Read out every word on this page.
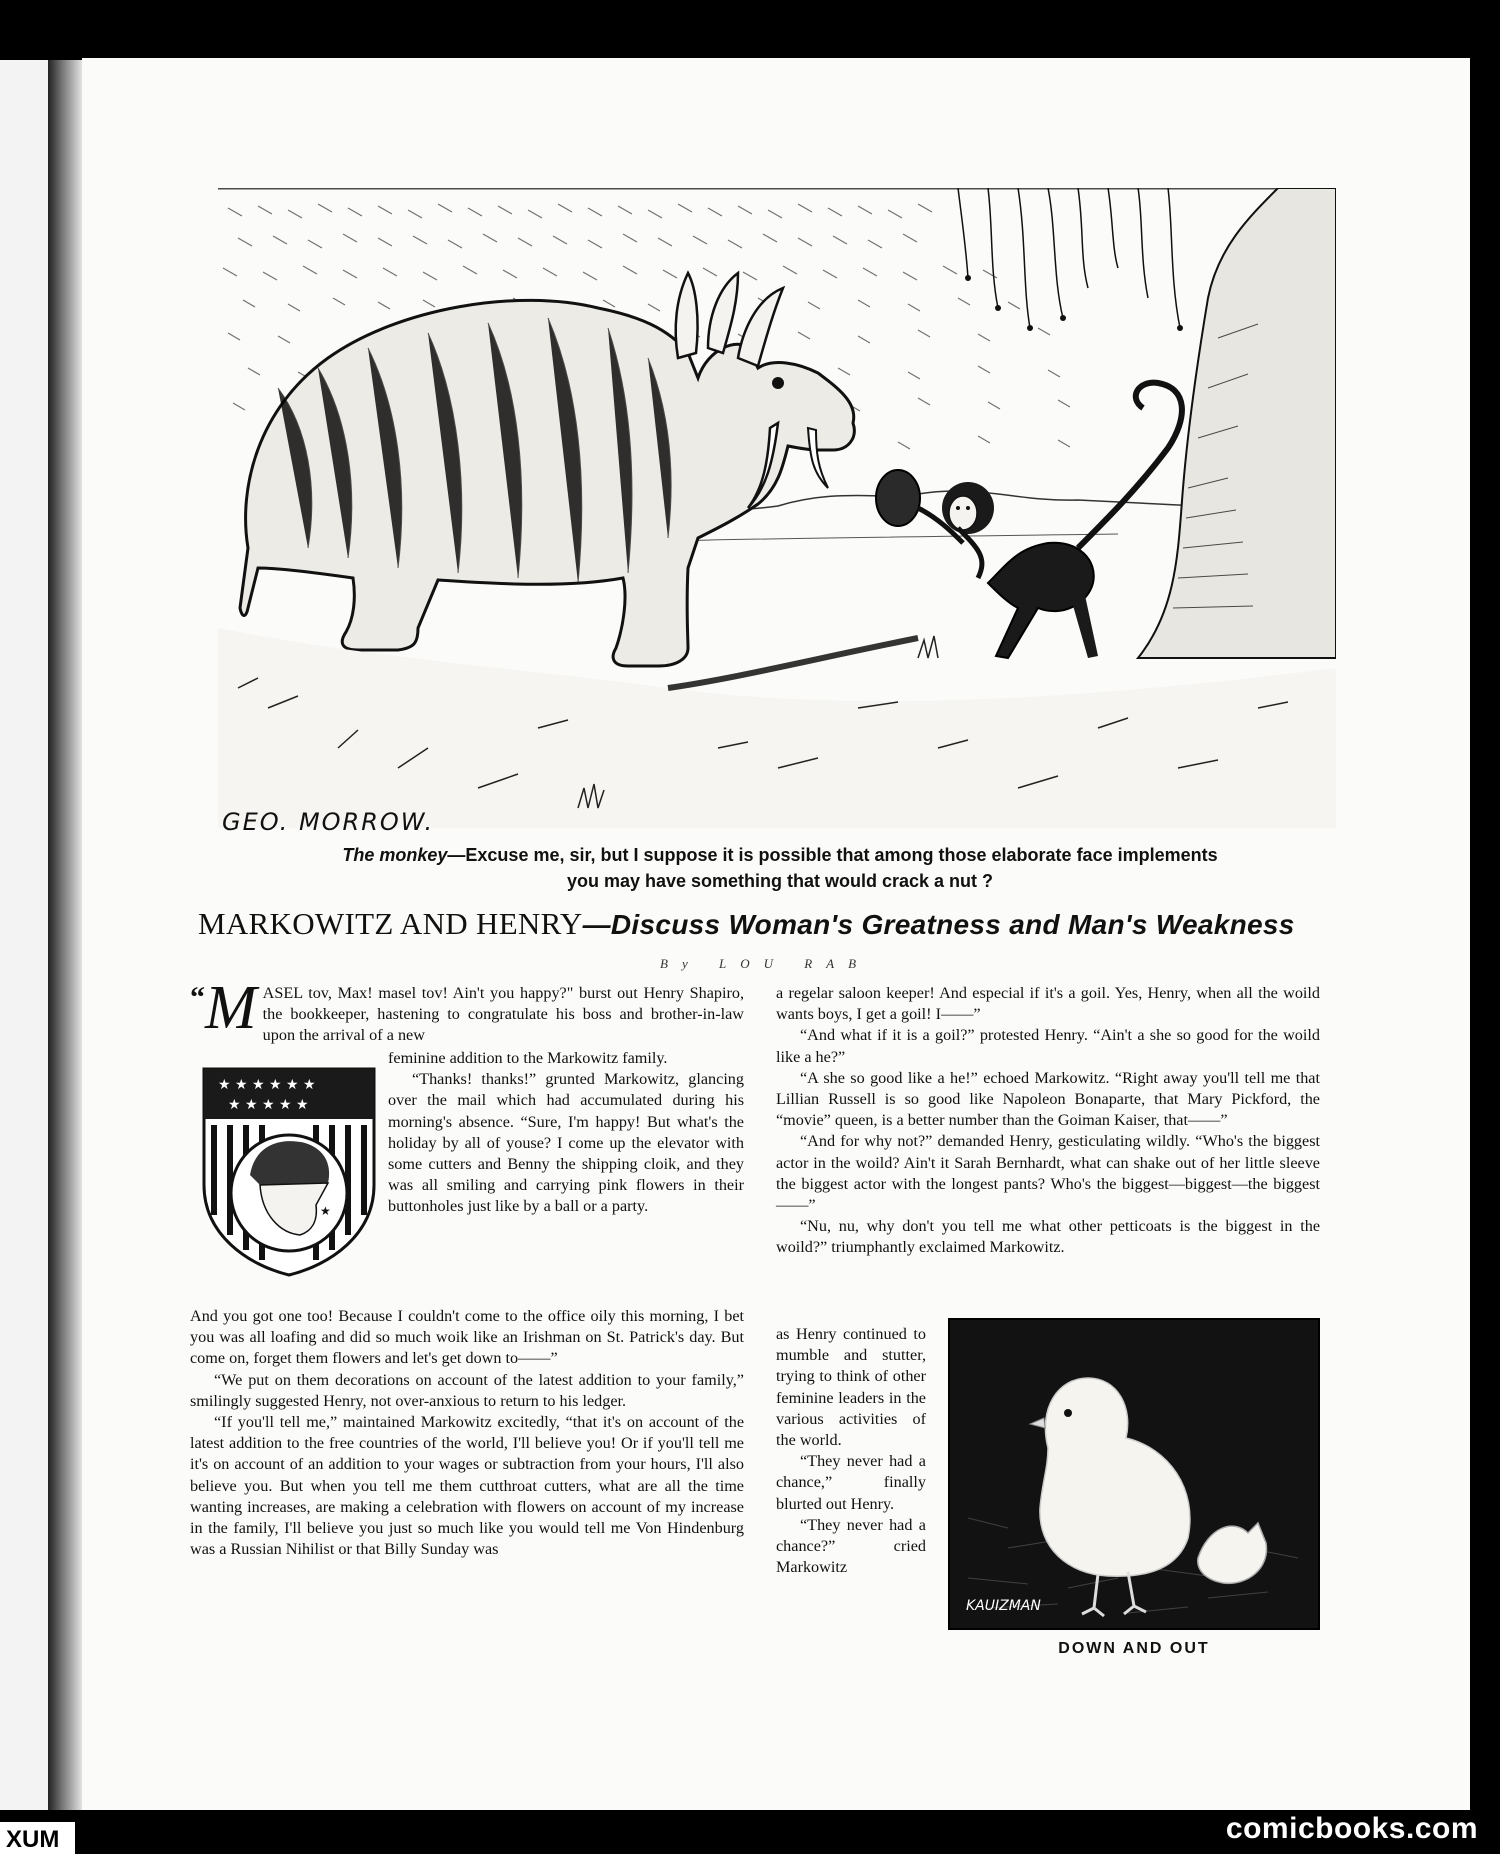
GEO. MORROW.
The monkey—Excuse me, sir, but I suppose it is possible that among those elaborate face implements
you may have something that would crack a nut ?
MARKOWITZ AND HENRY—Discuss Woman's Greatness and Man's Weakness
By LOU RAB

“ M ASEL tov, Max! masel tov! Ain't you happy?" burst out Henry Shapiro, the bookkeeper, hastening to congratulate his boss and brother-in-law upon the arrival of a new

★ ★ ★ ★ ★ ★
★ ★ ★ ★ ★
★

feminine addition to the Markowitz family.

“Thanks! thanks!” grunted Markowitz, glancing over the mail which had accumulated during his morning's absence. “Sure, I'm happy! But what's the holiday by all of youse? I come up the elevator with some cutters and Benny the shipping cloik, and they was all smiling and carrying pink flowers in their buttonholes just like by a ball or a party.

And you got one too! Because I couldn't come to the office oily this morning, I bet you was all loafing and did so much woik like an Irishman on St. Patrick's day. But come on, forget them flowers and let's get down to——”

“We put on them decorations on account of the latest addition to your family,” smilingly suggested Henry, not over-anxious to return to his ledger.

“If you'll tell me,” maintained Markowitz excitedly, “that it's on account of the latest addition to the free countries of the world, I'll believe you! Or if you'll tell me it's on account of an addition to your wages or subtraction from your hours, I'll also believe you. But when you tell me them cutthroat cutters, what are all the time wanting increases, are making a celebration with flowers on account of my increase in the family, I'll believe you just so much like you would tell me Von Hindenburg was a Russian Nihilist or that Billy Sunday was

a regelar saloon keeper! And especial if it's a goil. Yes, Henry, when all the woild wants boys, I get a goil! I——”

“And what if it is a goil?” protested Henry. “Ain't a she so good for the woild like a he?”

“A she so good like a he!” echoed Markowitz. “Right away you'll tell me that Lillian Russell is so good like Napoleon Bonaparte, that Mary Pickford, the “movie” queen, is a better number than the Goiman Kaiser, that——”

“And for why not?” demanded Henry, gesticulating wildly. “Who's the biggest actor in the woild? Ain't it Sarah Bernhardt, what can shake out of her little sleeve the biggest actor with the longest pants? Who's the biggest—biggest—the biggest——”

“Nu, nu, why don't you tell me what other petticoats is the biggest in the woild?” triumphantly exclaimed Markowitz.

as Henry continued to mumble and stutter, trying to think of other feminine leaders in the various activities of the world.

“They never had a chance,” finally blurted out Henry.

“They never had a chance?” cried Markowitz

KAUIZMAN
DOWN AND OUT
XUM	comicbooks.com
